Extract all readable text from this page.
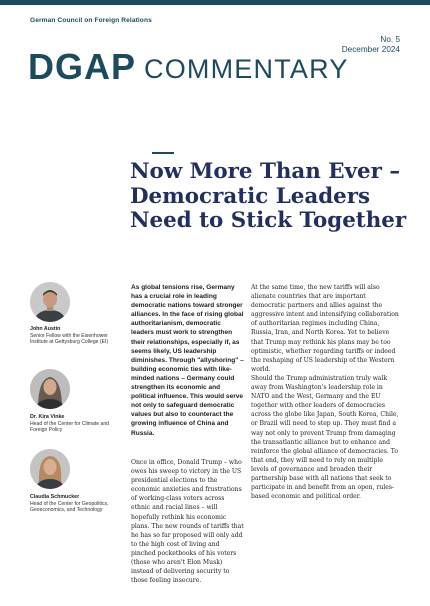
German Council on Foreign Relations
No. 5
December 2024
DGAP COMMENTARY
Now More Than Ever – Democratic Leaders Need to Stick Together
John Austin
Senior Fellow with the Eisenhower Institute at Gettysburg College (EI)
Dr. Kira Vinke
Head of the Center for Climate and Foreign Policy
Claudia Schmucker
Head of the Center for Geopolitics, Geoeconomics, and Technology
As global tensions rise, Germany has a crucial role in leading democratic nations toward stronger alliances. In the face of rising global authoritarianism, democratic leaders must work to strengthen their relationships, especially if, as seems likely, US leadership diminishes. Through "allyshoring" – building economic ties with like-minded nations – Germany could strengthen its economic and political influence. This would serve not only to safeguard democratic values but also to counteract the growing influence of China and Russia.
Once in office, Donald Trump – who owes his sweep to victory in the US presidential elections to the economic anxieties and frustrations of working-class voters across ethnic and racial lines – will hopefully rethink his economic plans. The new rounds of tariffs that he has so far proposed will only add to the high cost of living and pinched pocketbooks of his voters (those who aren't Elon Musk) instead of delivering security to those feeling insecure.
At the same time, the new tariffs will also alienate countries that are important democratic partners and allies against the aggressive intent and intensifying collaboration of authoritarian regimes including China, Russia, Iran, and North Korea. Yet to believe that Trump may rethink his plans may be too optimistic, whether regarding tariffs or indeed the reshaping of US leadership of the Western world.
Should the Trump administration truly walk away from Washington's leadership role in NATO and the West, Germany and the EU together with other leaders of democracies across the globe like Japan, South Korea, Chile, or Brazil will need to step up. They must find a way not only to prevent Trump from damaging the transatlantic alliance but to enhance and reinforce the global alliance of democracies. To that end, they will need to rely on multiple levels of governance and broaden their partnership base with all nations that seek to participate in and benefit from an open, rules-based economic and political order.
